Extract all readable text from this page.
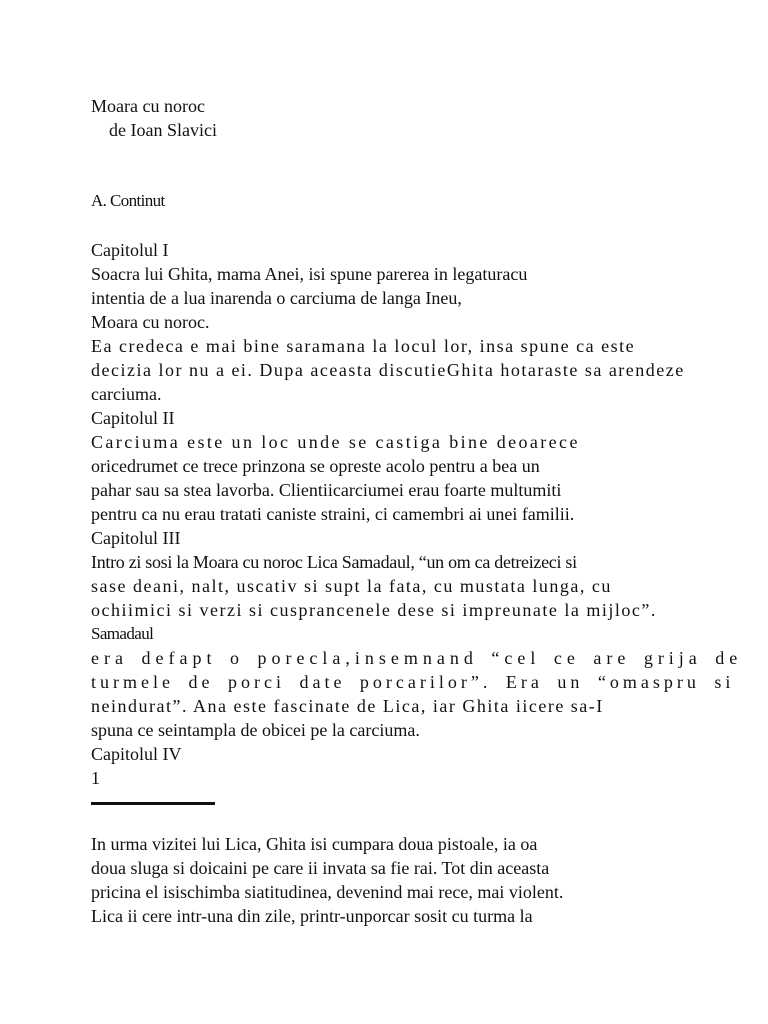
Moara cu noroc
de Ioan Slavici
A. Continut
Capitolul I
Soacra lui Ghita, mama Anei, isi spune parerea in legaturacu
intentia de a lua inarenda o carciuma de langa Ineu,
Moara cu noroc.
Ea credeca e mai bine saramana la locul lor, insa spune ca este
decizia lor nu a ei. Dupa aceasta discutieGhita hotaraste sa arendeze
carciuma.
Capitolul II
Carciuma este un loc unde se castiga bine deoarece
oricedrumet ce trece prinzona se opreste acolo pentru a bea un
pahar sau sa stea lavorba. Clientiicarciumei erau foarte multumiti
pentru ca nu erau tratati caniste straini, ci camembri ai unei familii.
Capitolul III
Intro zi sosi la Moara cu noroc Lica Samadaul, “un om ca detreizeci si
sase deani, nalt, uscativ si supt la fata, cu mustata lunga, cu
ochiimici si verzi si cusprancenele dese si impreunate la mijloc”.
Samadaul
era defapt o porecla,insemnand “cel ce are grija de
turmele de porci date porcarilor”. Era un “omaspru si
neindurat”. Ana este fascinate de Lica, iar Ghita iicere sa-I
spuna ce seintampla de obicei pe la carciuma.
Capitolul IV
1
In urma vizitei lui Lica, Ghita isi cumpara doua pistoale, ia oa
doua sluga si doicaini pe care ii invata sa fie rai. Tot din aceasta
pricina el isischimba siatitudinea, devenind mai rece, mai violent.
Lica ii cere intr-una din zile, printr-unporcar sosit cu turma la
